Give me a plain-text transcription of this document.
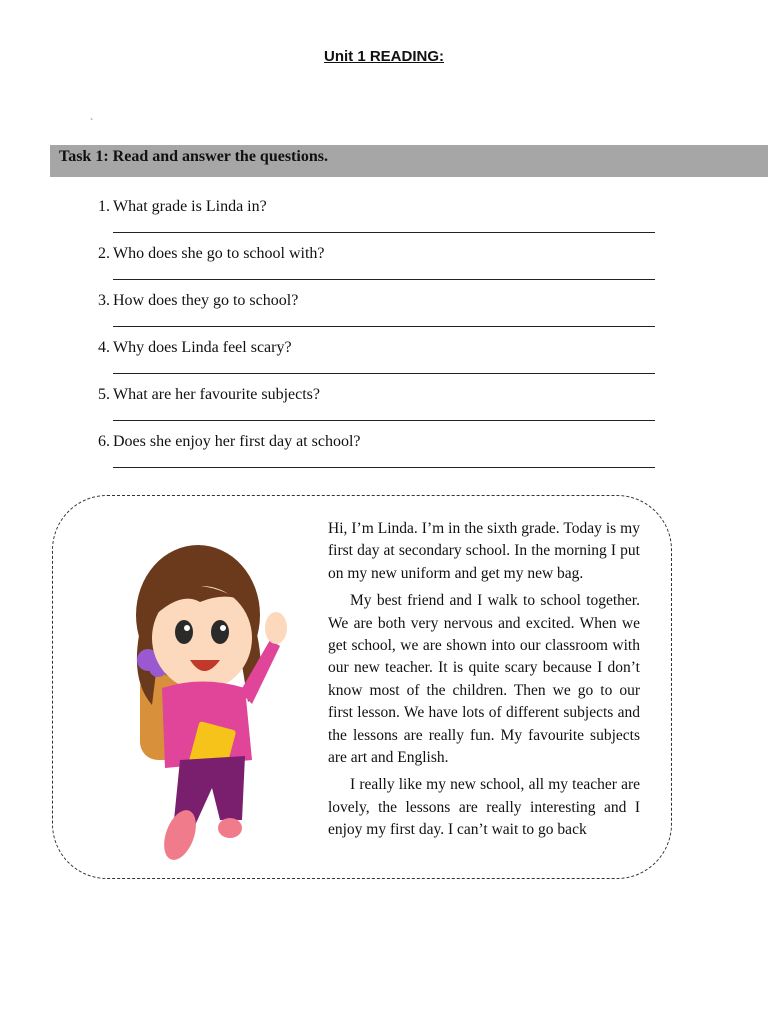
Unit 1 READING:
`
Task 1: Read and answer the questions.
1. What grade is Linda in?
2. Who does she go to school with?
3. How does they go to school?
4. Why does Linda feel scary?
5. What are her favourite subjects?
6. Does she enjoy her first day at school?

Hi, I’m Linda. I’m in the sixth grade. Today is my first day at secondary school. In the morning I put on my new uniform and get my new bag.

My best friend and I walk to school together. We are both very nervous and excited. When we get school, we are shown into our classroom with our new teacher. It is quite scary because I don’t know most of the children. Then we go to our first lesson. We have lots of different subjects and the lessons are really fun. My favourite subjects are art and English.

I really like my new school, all my teacher are lovely, the lessons are really interesting and I enjoy my first day. I can’t wait to go back
